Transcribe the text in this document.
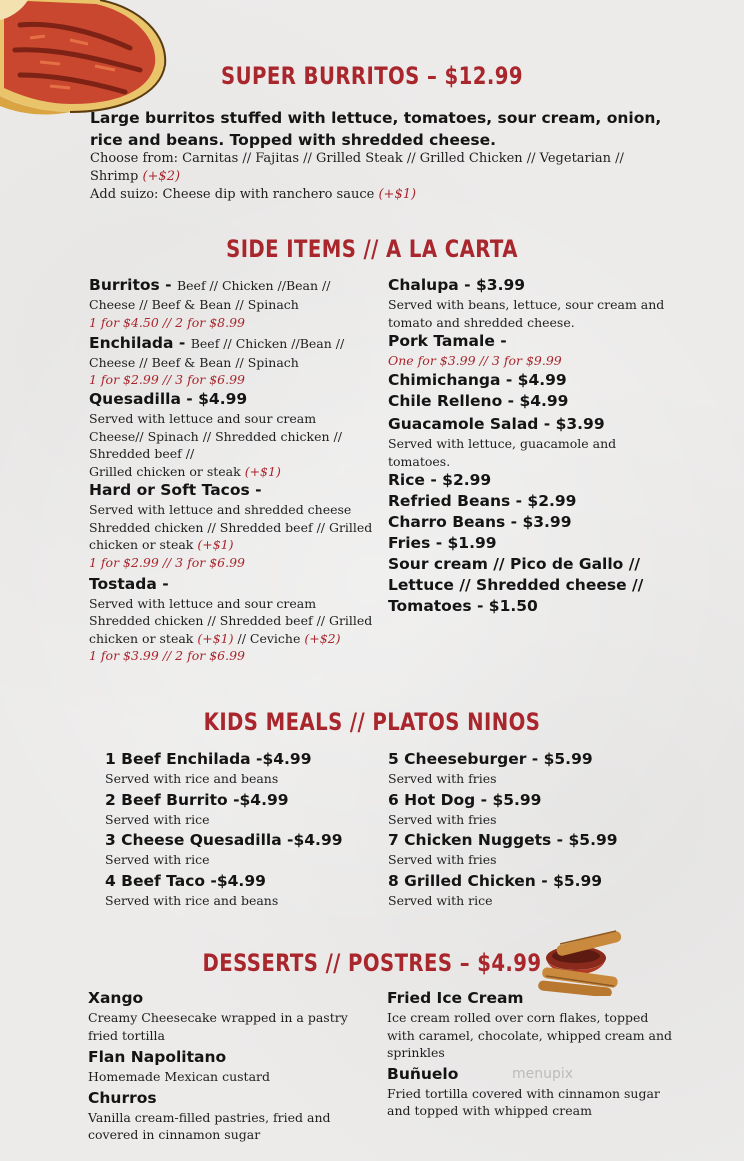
SUPER BURRITOS – $12.99
Large burritos stuffed with lettuce, tomatoes, sour cream, onion,
rice and beans. Topped with shredded cheese.
Choose from: Carnitas // Fajitas // Grilled Steak // Grilled Chicken // Vegetarian //
Shrimp (+$2)
Add suizo: Cheese dip with ranchero sauce (+$1)
SIDE ITEMS // A LA CARTA
Burritos - Beef // Chicken //Bean //
Cheese // Beef & Bean // Spinach
1 for $4.50 // 2 for $8.99
Enchilada - Beef // Chicken //Bean //
Cheese // Beef & Bean // Spinach
1 for $2.99 // 3 for $6.99
Quesadilla - $4.99
Served with lettuce and sour cream
Cheese// Spinach // Shredded chicken //
Shredded beef //
Grilled chicken or steak (+$1)
Hard or Soft Tacos -
Served with lettuce and shredded cheese
Shredded chicken // Shredded beef // Grilled
chicken or steak (+$1)
1 for $2.99 // 3 for $6.99
Tostada -
Served with lettuce and sour cream
Shredded chicken // Shredded beef // Grilled
chicken or steak (+$1) // Ceviche (+$2)
1 for $3.99 // 2 for $6.99
Chalupa - $3.99
Served with beans, lettuce, sour cream and
tomato and shredded cheese.
Pork Tamale -
One for $3.99 // 3 for $9.99
Chimichanga - $4.99
Chile Relleno - $4.99
Guacamole Salad - $3.99
Served with lettuce, guacamole and
tomatoes.
Rice - $2.99
Refried Beans - $2.99
Charro Beans - $3.99
Fries - $1.99
Sour cream // Pico de Gallo //
Lettuce // Shredded cheese //
Tomatoes - $1.50
KIDS MEALS // PLATOS NINOS
1 Beef Enchilada -$4.99
Served with rice and beans
2 Beef Burrito -$4.99
Served with rice
3 Cheese Quesadilla -$4.99
Served with rice
4 Beef Taco -$4.99
Served with rice and beans
5 Cheeseburger - $5.99
Served with fries
6 Hot Dog - $5.99
Served with fries
7 Chicken Nuggets - $5.99
Served with fries
8 Grilled Chicken - $5.99
Served with rice
DESSERTS // POSTRES – $4.99
Xango
Creamy Cheesecake wrapped in a pastry
fried tortilla
Flan Napolitano
Homemade Mexican custard
Churros
Vanilla cream-filled pastries, fried and
covered in cinnamon sugar
Fried Ice Cream
Ice cream rolled over corn flakes, topped
with caramel, chocolate, whipped cream and
sprinkles
Buñuelo
Fried tortilla covered with cinnamon sugar
and topped with whipped cream
menupix
